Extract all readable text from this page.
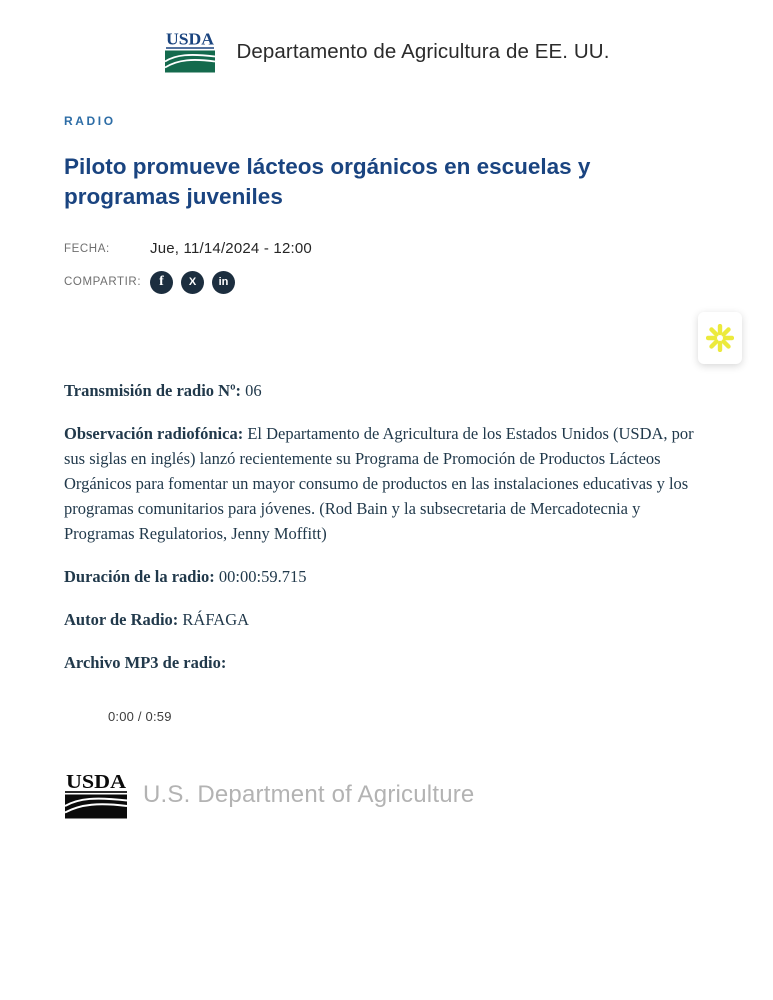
USDA
Departamento de Agricultura de EE. UU.
RADIO
Piloto promueve lácteos orgánicos en escuelas y programas juveniles
FECHA:	Jue, 11/14/2024 - 12:00
COMPARTIR:	f	X	in

Transmisión de radio Nº: 06

Observación radiofónica: El Departamento de Agricultura de los Estados Unidos (USDA, por sus siglas en inglés) lanzó recientemente su Programa de Promoción de Productos Lácteos Orgánicos para fomentar un mayor consumo de productos en las instalaciones educativas y los programas comunitarios para jóvenes. (Rod Bain y la subsecretaria de Mercadotecnia y Programas Regulatorios, Jenny Moffitt)

Duración de la radio: 00:00:59.715

Autor de Radio: RÁFAGA

Archivo MP3 de radio:

0:00 / 0:59
USDA U.S. Department of Agriculture
